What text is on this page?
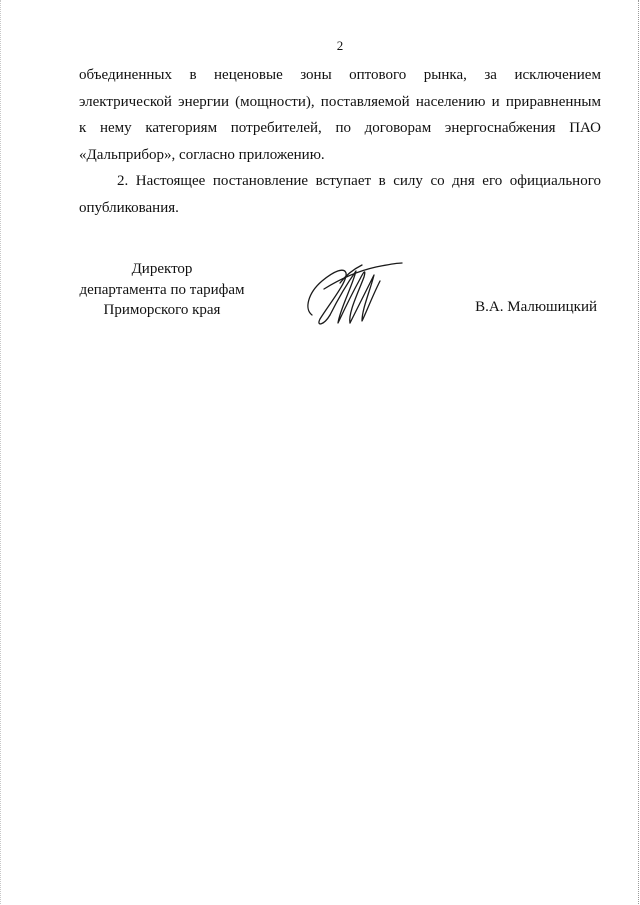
2
объединенных в неценовые зоны оптового рынка, за исключением
электрической энергии (мощности), поставляемой населению и приравненным
к нему категориям потребителей, по договорам энергоснабжения ПАО
«Дальприбор», согласно приложению.
2. Настоящее постановление вступает в силу со дня его официального
опубликования.
Директор
департамента по тарифам
Приморского края	В.А. Малюшицкий
